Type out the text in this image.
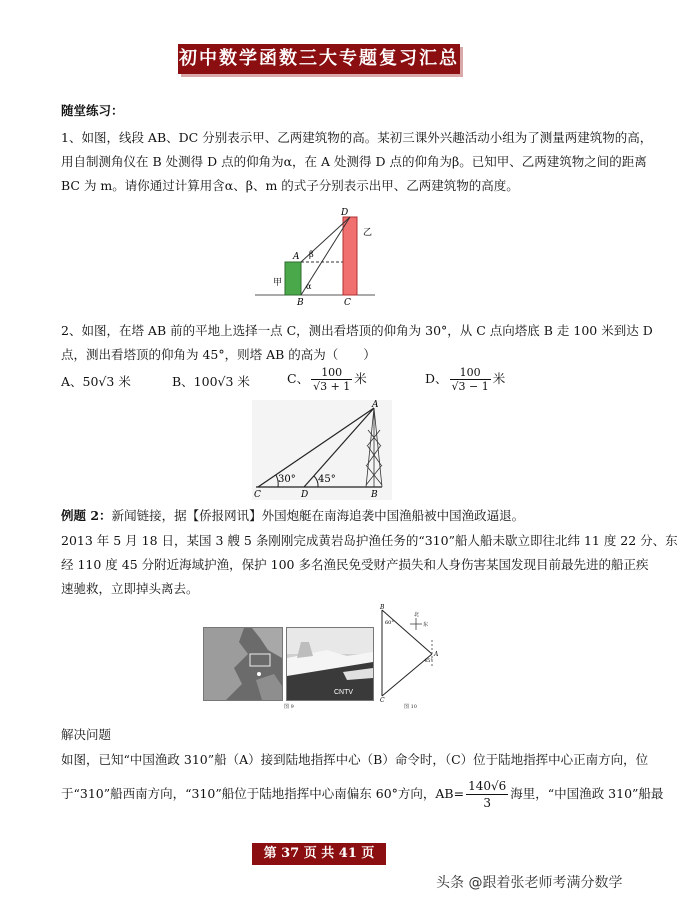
初中数学函数三大专题复习汇总
随堂练习：
1、如图，线段 AB、DC 分别表示甲、乙两建筑物的高。某初三课外兴趣活动小组为了测量两建筑物的高，
用自制测角仪在 B 处测得 D 点的仰角为α，在 A 处测得 D 点的仰角为β。已知甲、乙两建筑物之间的距离
BC 为 m。请你通过计算用含α、β、m 的式子分别表示出甲、乙两建筑物的高度。
D
A
B	C
β
α
甲
乙
2、如图，在塔 AB 前的平地上选择一点 C，测出看塔顶的仰角为 30°，从 C 点向塔底 B 走 100 米到达 D
点，测出看塔顶的仰角为 45°，则塔 AB 的高为（　　）
A、50√3 米	B、100√3 米	C、 $\frac{100}{√3 + 1}$ 米	D、 $\frac{100}{√3 - 1}$ 米
A
C	D	B
30° 45°
例题 2：新闻链接，据【侨报网讯】外国炮艇在南海追袭中国渔船被中国渔政逼退。
2013 年 5 月 18 日，某国 3 艘 5 条刚刚完成黄岩岛护渔任务的“310”船人船未歇立即往北纬 11 度 22 分、东
经 110 度 45 分附近海域护渔，保护 100 多名渔民免受财产损失和人身伤害某国发现目前最先进的船正疾
速驰救，立即掉头离去。
CNTV
图 9
北
东
B
A
C
60°
45°
图 10
解决问题
如图，已知“中国渔政 310”船（A）接到陆地指挥中心（B）命令时，（C）位于陆地指挥中心正南方向，位
于“310”船西南方向，“310”船位于陆地指挥中心南偏东 60°方向，$AB= \frac{140√6}{3}$ 海里，“中国渔政 310”船最
第 37 页 共 41 页
头条 @跟着张老师考满分数学
